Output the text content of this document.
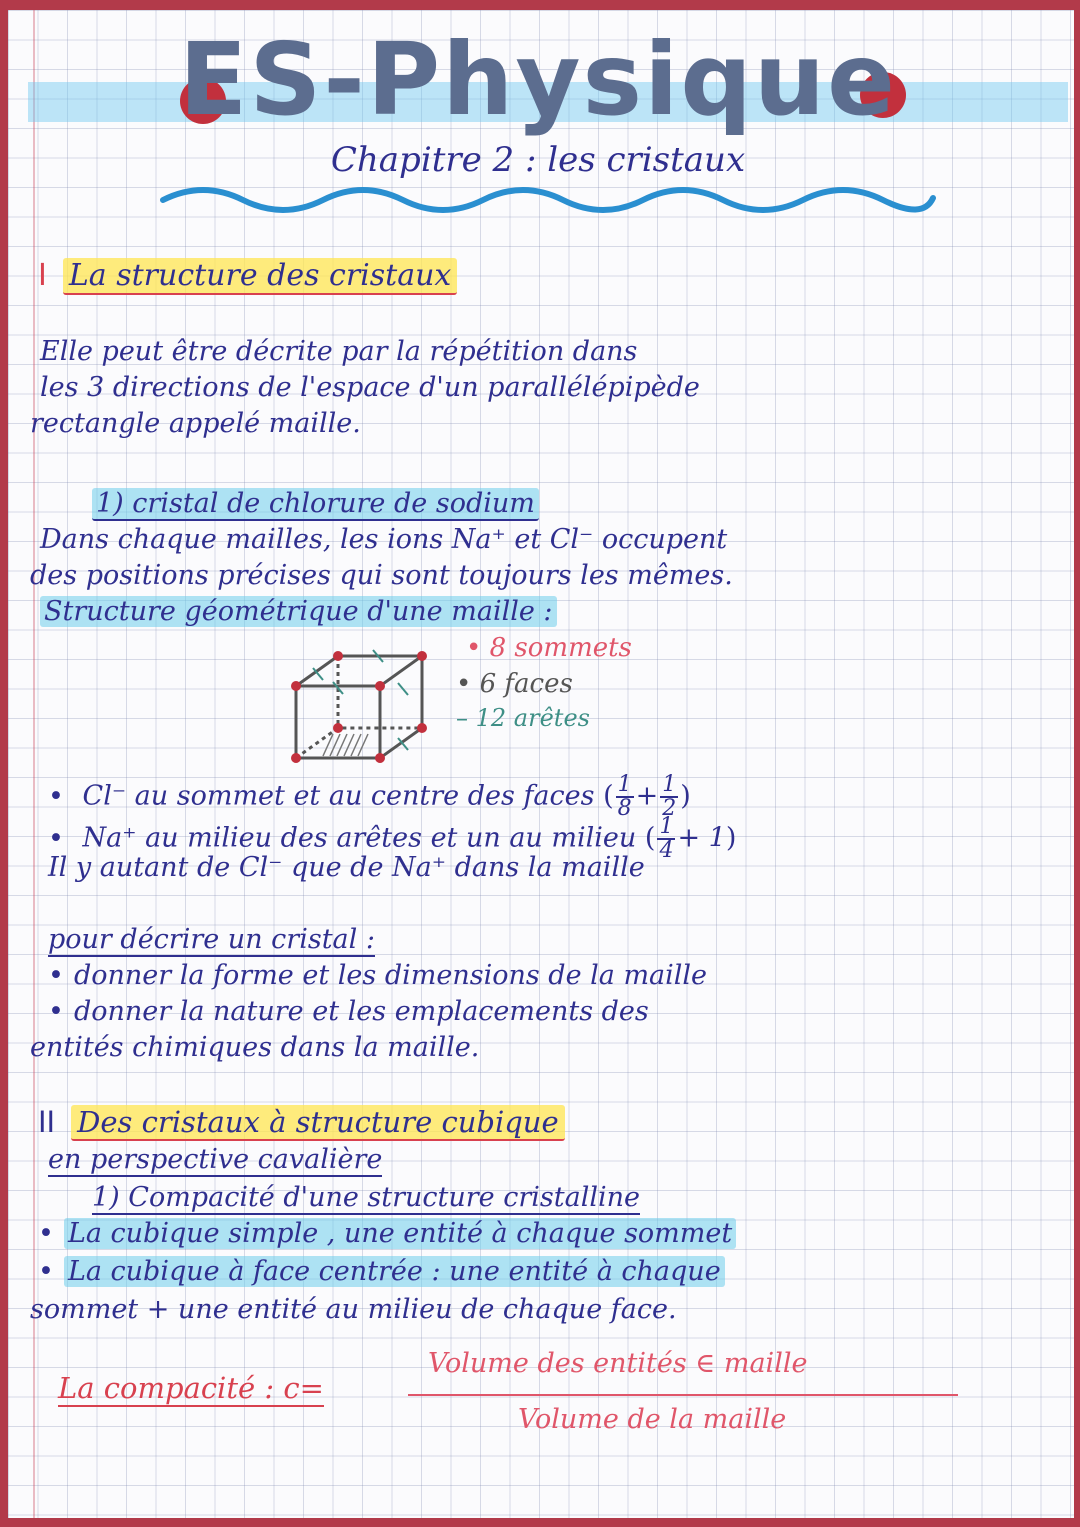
ES-Physique

Chapitre 2 : les cristaux

I La structure des cristaux

Elle peut être décrite par la répétition dans

les 3 directions de l'espace d'un parallélépipède

rectangle appelé maille.

1) cristal de chlorure de sodium

Dans chaque mailles, les ions Na⁺ et Cl⁻ occupent

des positions précises qui sont toujours les mêmes.

Structure géométrique d'une maille :

• 8 sommets

• 6 faces

– 12 arêtes

• Cl⁻ au sommet et au centre des faces ( $\frac{1}{8} + \frac{1}{2}$ )

• Na⁺ au milieu des arêtes et un au milieu ( $\frac{1}{4} + 1$)

Il y autant de Cl⁻ que de Na⁺ dans la maille

pour décrire un cristal :

• donner la forme et les dimensions de la maille

• donner la nature et les emplacements des

entités chimiques dans la maille.

II Des cristaux à structure cubique

en perspective cavalière

1) Compacité d'une structure cristalline

• La cubique simple , une entité à chaque sommet

• La cubique à face centrée : une entité à chaque

sommet + une entité au milieu de chaque face.

La compacité : c=

Volume des entités ∈ maille

Volume de la maille
